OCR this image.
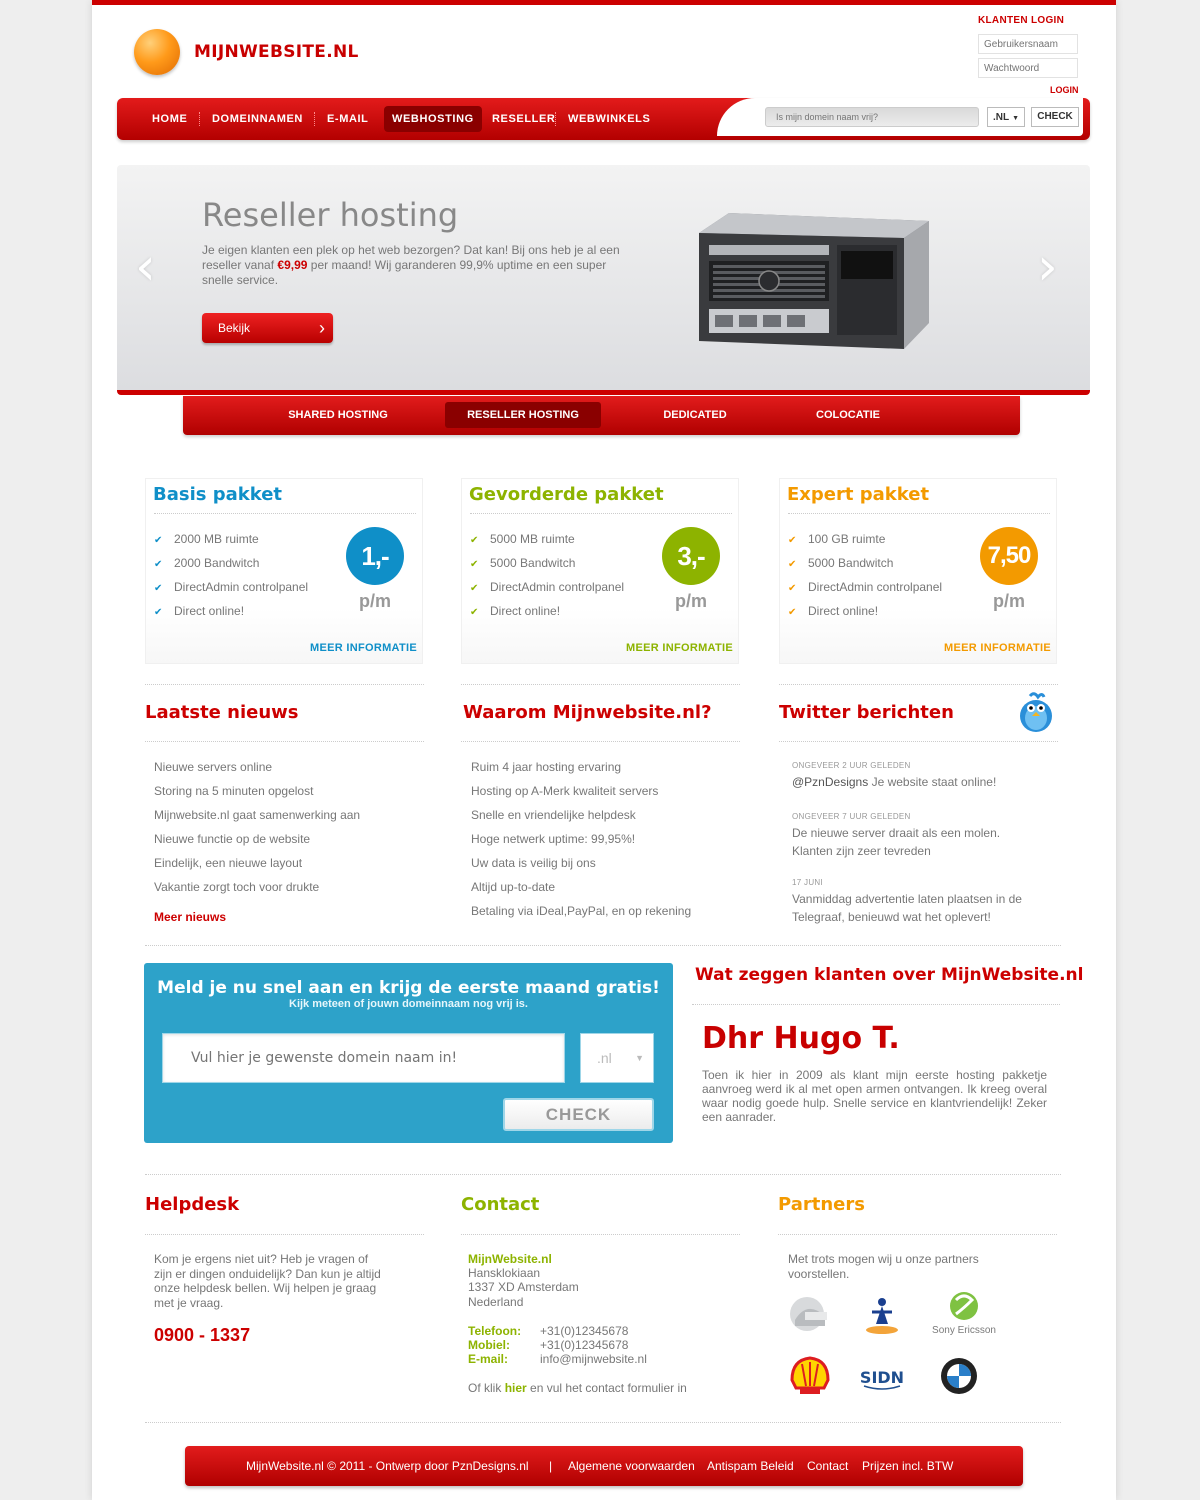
MIJNWEBSITE.NL
KLANTEN LOGIN
Gebruikersnaam
LOGIN
HOME DOMEINNAMEN E-MAIL	WEBHOSTING	RESELLER WEBWINKELS
Is mijn domein naam vrij?	.NL ▼	CHECK
‹	›
Reseller hosting
Je eigen klanten een plek op het web bezorgen? Dat kan! Bij ons heb je al een reseller vanaf €9,99 per maand! Wij garanderen 99,9% uptime en een super snelle service.
Bekijk	›
SHARED HOSTING	RESELLER HOSTING	DEDICATED	COLOCATIE
Basis pakket
✔ 2000 MB ruimte
✔ 2000 Bandwitch
✔ DirectAdmin controlpanel
✔ Direct online!
1,-
p/m
MEER INFORMATIE
Gevorderde pakket
✔ 5000 MB ruimte
✔ 5000 Bandwitch
✔ DirectAdmin controlpanel
✔ Direct online!
3,-
p/m
MEER INFORMATIE
Expert pakket
✔ 100 GB ruimte
✔ 5000 Bandwitch
✔ DirectAdmin controlpanel
✔ Direct online!
7,50
p/m
MEER INFORMATIE
Laatste nieuws
Nieuwe servers online
Storing na 5 minuten opgelost
Mijnwebsite.nl gaat samenwerking aan
Nieuwe functie op de website
Eindelijk, een nieuwe layout
Vakantie zorgt toch voor drukte
Meer nieuws
Waarom Mijnwebsite.nl?
Ruim 4 jaar hosting ervaring
Hosting op A-Merk kwaliteit servers
Snelle en vriendelijke helpdesk
Hoge netwerk uptime: 99,95%!
Uw data is veilig bij ons
Altijd up-to-date
Betaling via iDeal,PayPal, en op rekening
Twitter berichten
ONGEVEER 2 UUR GELEDEN
@PznDesigns Je website staat online!
ONGEVEER 7 UUR GELEDEN
De nieuwe server draait als een molen. Klanten zijn zeer tevreden
17 JUNI
Vanmiddag advertentie laten plaatsen in de Telegraaf, benieuwd wat het oplevert!
Meld je nu snel aan en krijg de eerste maand gratis!
Kijk meteen of jouwn domeinnaam nog vrij is.
Vul hier je gewenste domein naam in!
.nl	▼
CHECK
Wat zeggen klanten over MijnWebsite.nl
Dhr Hugo T.
Toen ik hier in 2009 als klant mijn eerste hosting pakketje aanvroeg werd ik al met open armen ontvangen. Ik kreeg overal waar nodig goede hulp. Snelle service en klantvriendelijk! Zeker een aanrader.
Helpdesk
Kom je ergens niet uit? Heb je vragen of zijn er dingen onduidelijk? Dan kun je altijd onze helpdesk bellen. Wij helpen je graag met je vraag.
0900 - 1337
Contact
MijnWebsite.nl
Hansklokiaan
1337 XD Amsterdam
Nederland
Telefoon: +31(0)12345678
Mobiel:	+31(0)12345678
E-mail:	info@mijnwebsite.nl
Of klik hier en vul het contact formulier in
Partners
Met trots mogen wij u onze partners voorstellen.
Sony Ericsson
SIDN
MijnWebsite.nl © 2011 - Ontwerp door PznDesigns.nl | Algemene voorwaarden Antispam Beleid Contact Prijzen incl. BTW
